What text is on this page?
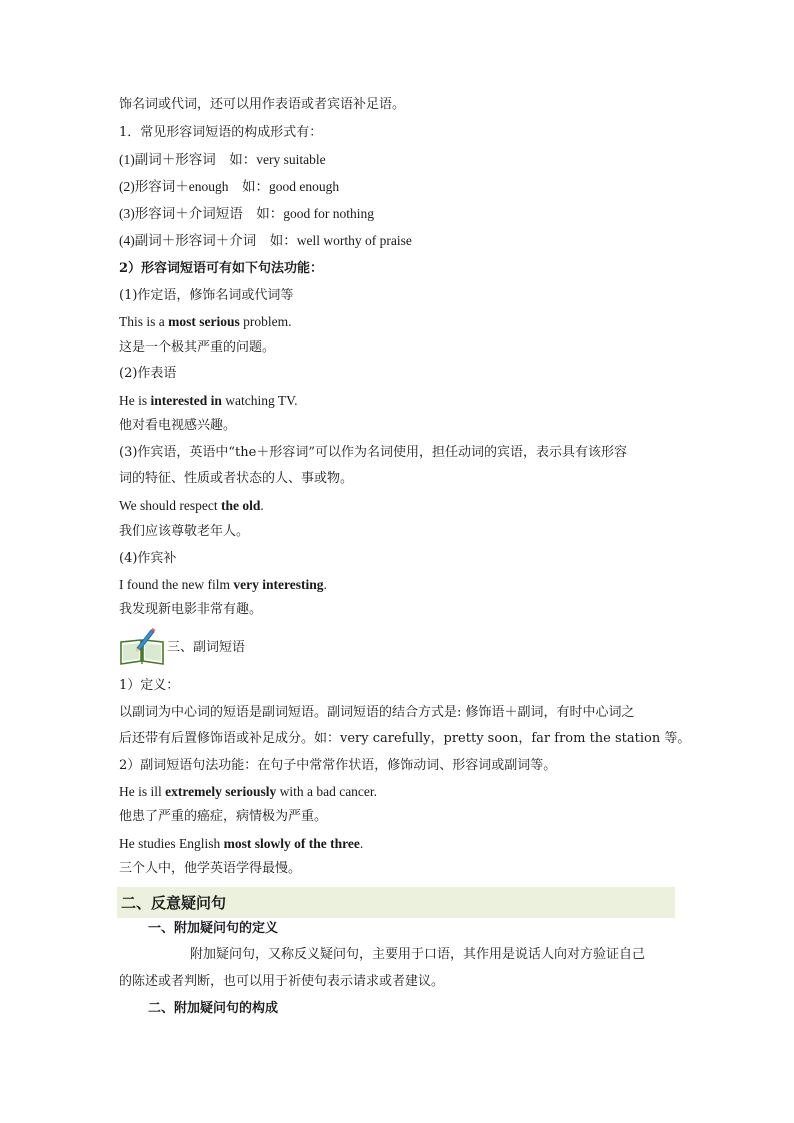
饰名词或代词，还可以用作表语或者宾语补足语。
1．常见形容词短语的构成形式有：
(1)副词＋形容词　如：very suitable
(2)形容词＋enough　如：good enough
(3)形容词＋介词短语　如：good for nothing
(4)副词＋形容词＋介词　如：well worthy of praise
2）形容词短语可有如下句法功能：
(1)作定语，修饰名词或代词等
This is a most serious problem.
这是一个极其严重的问题。
(2)作表语
He is interested in watching TV.
他对看电视感兴趣。
(3)作宾语，英语中“the＋形容词”可以作为名词使用，担任动词的宾语，表示具有该形容
词的特征、性质或者状态的人、事或物。
We should respect the old.
我们应该尊敬老年人。
(4)作宾补
I found the new film very interesting.
我发现新电影非常有趣。
三、副词短语
1）定义：
以副词为中心词的短语是副词短语。副词短语的结合方式是: 修饰语＋副词，有时中心词之
后还带有后置修饰语或补足成分。如：very carefully，pretty soon，far from the station 等。
2）副词短语句法功能：在句子中常常作状语，修饰动词、形容词或副词等。
He is ill extremely seriously with a bad cancer.
他患了严重的癌症，病情极为严重。
He studies English most slowly of the three.
三个人中，他学英语学得最慢。
二、反意疑问句
一、附加疑问句的定义
附加疑问句，又称反义疑问句，主要用于口语，其作用是说话人向对方验证自己
的陈述或者判断，也可以用于祈使句表示请求或者建议。
二、附加疑问句的构成
